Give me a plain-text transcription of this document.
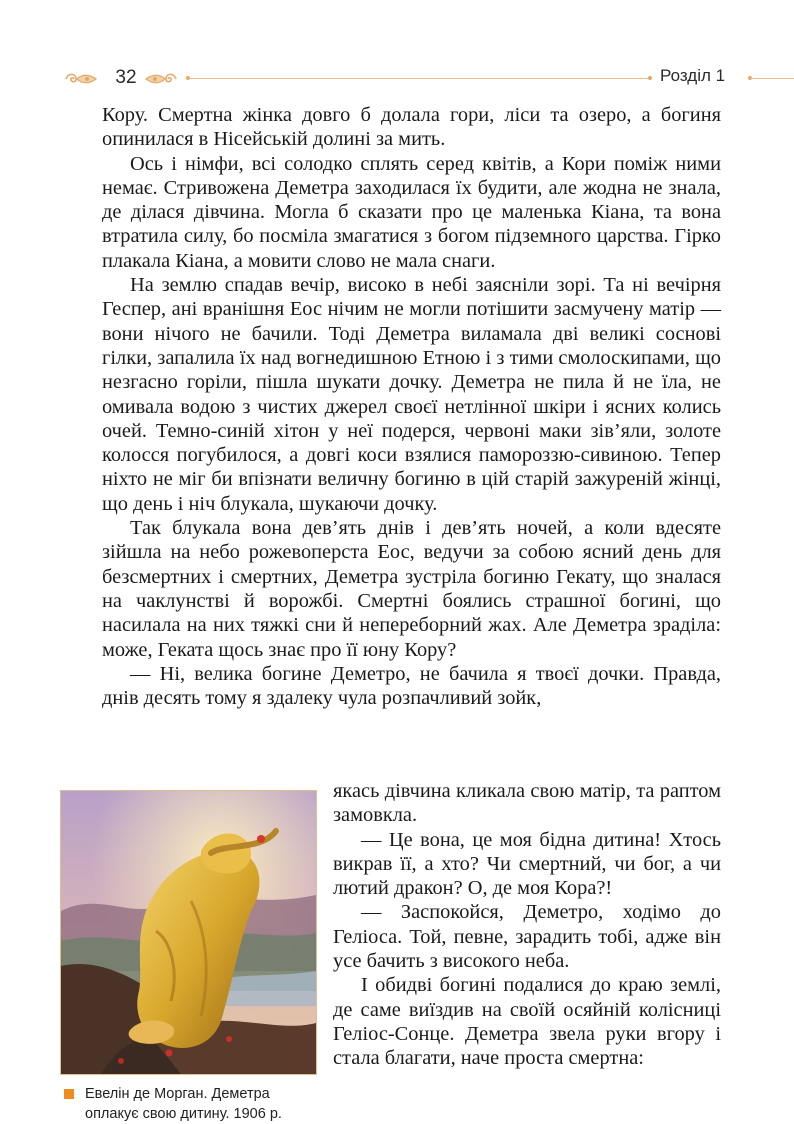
32	Розділ 1

Кору. Смертна жінка довго б долала гори, ліси та озеро, а богиня опинилася в Нісейській долині за мить.

Ось і німфи, всі солодко сплять серед квітів, а Кори поміж ними немає. Стривожена Деметра заходилася їх будити, але жодна не знала, де ділася дівчина. Могла б сказати про це маленька Кіана, та вона втратила силу, бо посміла змагатися з богом підземного царства. Гірко плакала Кіана, а мовити слово не мала снаги.

На землю спадав вечір, високо в небі заясніли зорі. Та ні вечірня Геспер, ані вранішня Еос нічим не могли потішити засмучену матір — вони нічого не бачили. Тоді Деметра виламала дві великі соснові гілки, запалила їх над вогнедишною Етною і з тими смолоскипами, що незгасно горіли, пішла шукати дочку. Деметра не пила й не їла, не омивала водою з чистих джерел своєї нетлінної шкіри і ясних колись очей. Темно-синій хітон у неї подерся, червоні маки зів’яли, золоте колосся погубилося, а довгі коси взялися памороззю-сивиною. Тепер ніхто не міг би впізнати величну богиню в цій старій зажуреній жінці, що день і ніч блукала, шукаючи дочку.

Так блукала вона дев’ять днів і дев’ять ночей, а коли вдесяте зійшла на небо рожевоперста Еос, ведучи за собою ясний день для безсмертних і смертних, Деметра зустріла богиню Гекату, що зналася на чаклунстві й ворожбі. Смертні боялись страшної богині, що насилала на них тяжкі сни й непереборний жах. Але Деметра зраділа: може, Геката щось знає про її юну Кору?

— Ні, велика богине Деметро, не бачила я твоєї дочки. Правда, днів десять тому я здалеку чула розпачливий зойк,

Евелін де Морган. Деметра оплакує свою дитину. 1906 р.

якась дівчина кликала свою матір, та раптом замовкла.

— Це вона, це моя бідна дитина! Хтось викрав її, а хто? Чи смертний, чи бог, а чи лютий дракон? О, де моя Кора?!

— Заспокойся, Деметро, ходімо до Геліоса. Той, певне, зарадить тобі, адже він усе бачить з високого неба.

І обидві богині подалися до краю землі, де саме виїздив на своїй осяйній колісниці Геліос-Сонце. Деметра звела руки вгору і стала благати, наче проста смертна:
